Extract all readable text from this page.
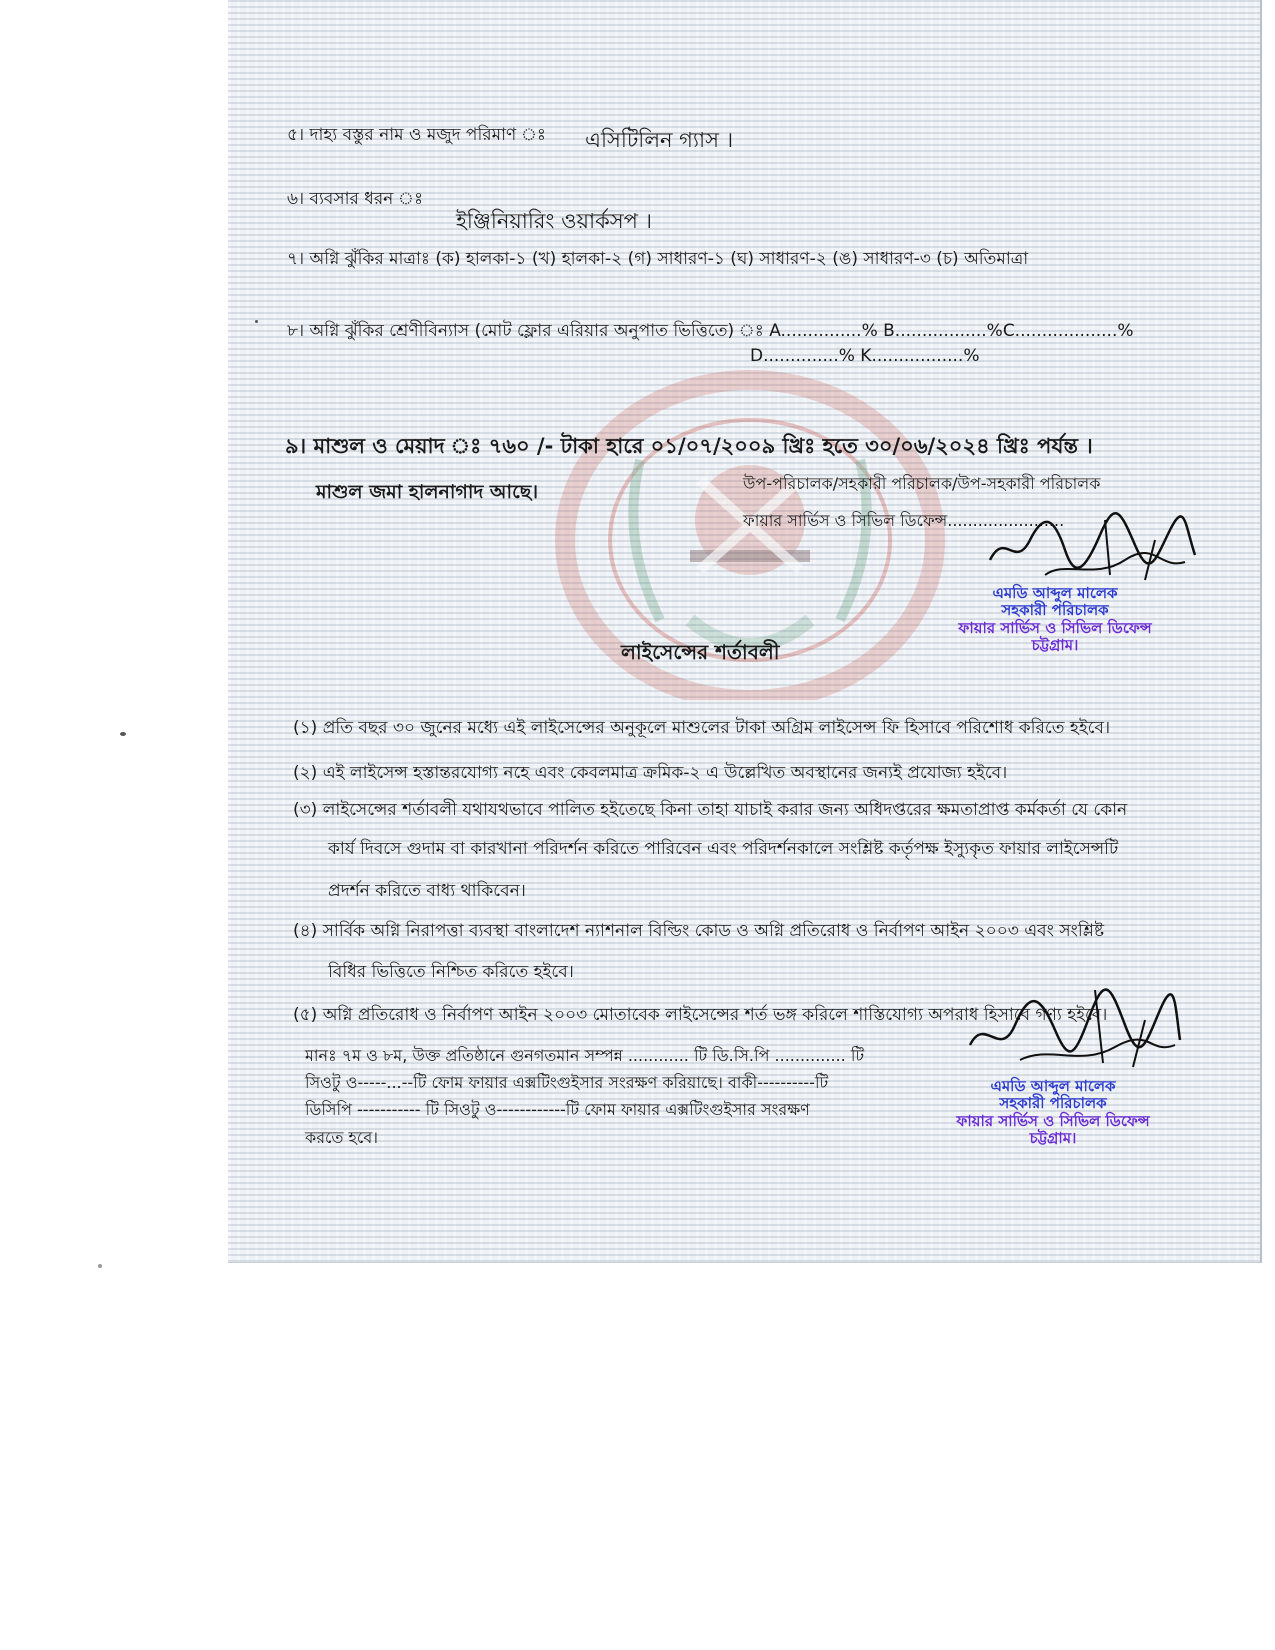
৫। দাহ্য বস্তুর নাম ও মজুদ পরিমাণ ঃ এসিটিলিন গ্যাস ।
৬। ব্যবসার ধরন ঃ
ইঞ্জিনিয়ারিং ওয়ার্কসপ ।
৭। অগ্নি ঝুঁকির মাত্রাঃ (ক) হালকা-১ (খ) হালকা-২ (গ) সাধারণ-১ (ঘ) সাধারণ-২ (ঙ) সাধারণ-৩ (চ) অতিমাত্রা
৮। অগ্নি ঝুঁকির শ্রেণীবিন্যাস (মোট ফ্লোর এরিয়ার অনুপাত ভিত্তিতে) ঃ A...............% B.................%C...................%
D..............% K.................%
৯। মাশুল ও মেয়াদ ঃ ৭৬০ /- টাকা হারে ০১/০৭/২০০৯ খ্রিঃ হতে ৩০/০৬/২০২৪ খ্রিঃ পর্যন্ত ।
মাশুল জমা হালনাগাদ আছে।	উপ-পরিচালক/সহকারী পরিচালক/উপ-সহকারী পরিচালক
ফায়ার সার্ভিস ও সিভিল ডিফেন্স.......................
এমডি আব্দুল মালেক
সহকারী পরিচালক
ফায়ার সার্ভিস ও সিভিল ডিফেন্স
চট্টগ্রাম।
লাইসেন্সের শর্তাবলী
(১) প্রতি বছর ৩০ জুনের মধ্যে এই লাইসেন্সের অনুকূলে মাশুলের টাকা অগ্রিম লাইসেন্স ফি হিসাবে পরিশোধ করিতে হইবে।
(২) এই লাইসেন্স হস্তান্তরযোগ্য নহে এবং কেবলমাত্র ক্রমিক-২ এ উল্লেখিত অবস্থানের জন্যই প্রযোজ্য হইবে।
(৩) লাইসেন্সের শর্তাবলী যথাযথভাবে পালিত হইতেছে কিনা তাহা যাচাই করার জন্য অধিদপ্তরের ক্ষমতাপ্রাপ্ত কর্মকর্তা যে কোন
কার্য দিবসে গুদাম বা কারখানা পরিদর্শন করিতে পারিবেন এবং পরিদর্শনকালে সংশ্লিষ্ট কর্তৃপক্ষ ইস্যুকৃত ফায়ার লাইসেন্সটি
প্রদর্শন করিতে বাধ্য থাকিবেন।
(৪) সার্বিক অগ্নি নিরাপত্তা ব্যবস্থা বাংলাদেশ ন্যাশনাল বিল্ডিং কোড ও অগ্নি প্রতিরোধ ও নির্বাপণ আইন ২০০৩ এবং সংশ্লিষ্ট
বিধির ভিত্তিতে নিশ্চিত করিতে হইবে।
(৫) অগ্নি প্রতিরোধ ও নির্বাপণ আইন ২০০৩ মোতাবেক লাইসেন্সের শর্ত ভঙ্গ করিলে শাস্তিযোগ্য অপরাধ হিসাবে গণ্য হইবে।
মানঃ ৭ম ও ৮ম, উক্ত প্রতিষ্ঠানে গুনগতমান সম্পন্ন ............ টি ডি.সি.পি .............. টি
সিওটু ও-----...--টি ফোম ফায়ার এক্সটিংগুইসার সংরক্ষণ করিয়াছে। বাকী----------টি
ডিসিপি ----------- টি সিওটু ও------------টি ফোম ফায়ার এক্সটিংগুইসার সংরক্ষণ
করতে হবে।
এমডি আব্দুল মালেক
সহকারী পরিচালক
ফায়ার সার্ভিস ও সিভিল ডিফেন্স
চট্টগ্রাম।
